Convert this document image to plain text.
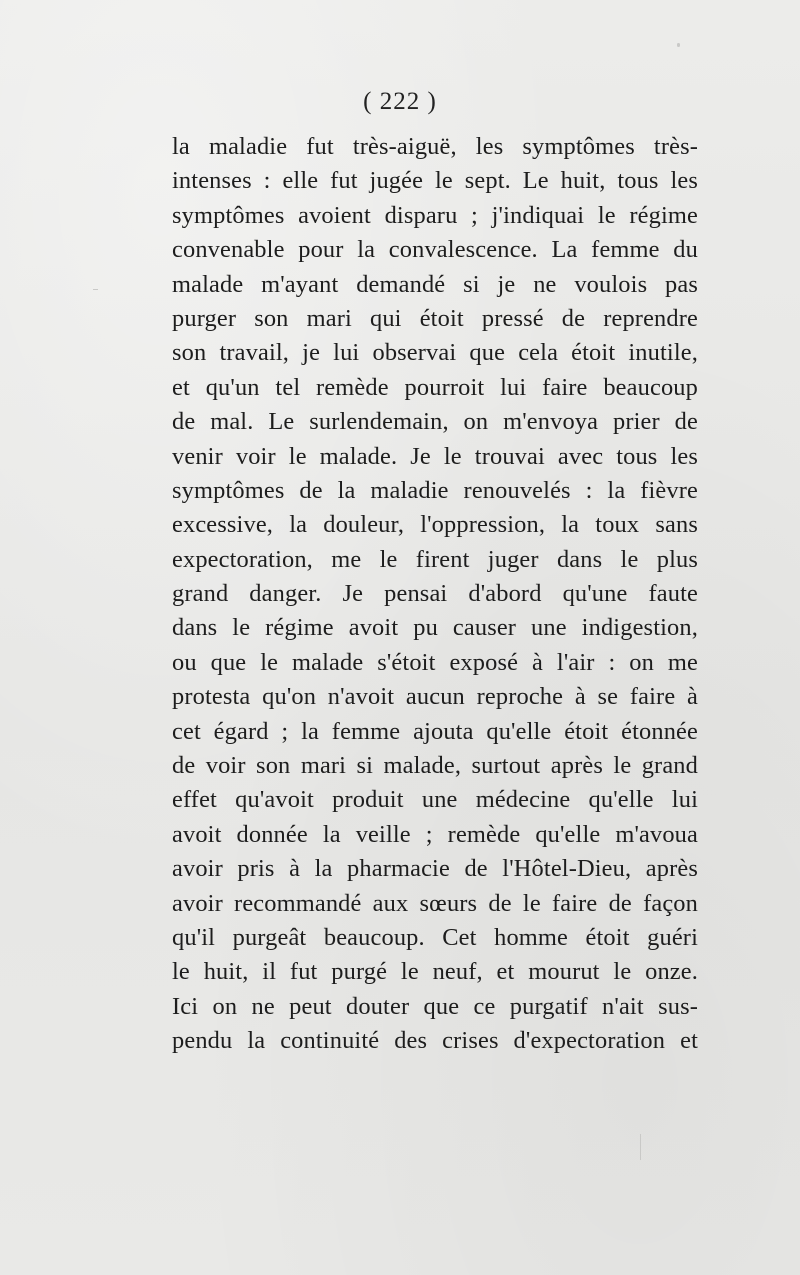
( 222 )
la maladie fut très-aiguë, les symptômes très-
intenses : elle fut jugée le sept. Le huit, tous les
symptômes avoient disparu ; j'indiquai le régime
convenable pour la convalescence. La femme du
malade m'ayant demandé si je ne voulois pas
purger son mari qui étoit pressé de reprendre
son travail, je lui observai que cela étoit inutile,
et qu'un tel remède pourroit lui faire beaucoup
de mal. Le surlendemain, on m'envoya prier de
venir voir le malade. Je le trouvai avec tous les
symptômes de la maladie renouvelés : la fièvre
excessive, la douleur, l'oppression, la toux sans
expectoration, me le firent juger dans le plus
grand danger. Je pensai d'abord qu'une faute
dans le régime avoit pu causer une indigestion,
ou que le malade s'étoit exposé à l'air : on me
protesta qu'on n'avoit aucun reproche à se faire à
cet égard ; la femme ajouta qu'elle étoit étonnée
de voir son mari si malade, surtout après le grand
effet qu'avoit produit une médecine qu'elle lui
avoit donnée la veille ; remède qu'elle m'avoua
avoir pris à la pharmacie de l'Hôtel-Dieu, après
avoir recommandé aux sœurs de le faire de façon
qu'il purgeât beaucoup. Cet homme étoit guéri
le huit, il fut purgé le neuf, et mourut le onze.
Ici on ne peut douter que ce purgatif n'ait sus-
pendu la continuité des crises d'expectoration et
